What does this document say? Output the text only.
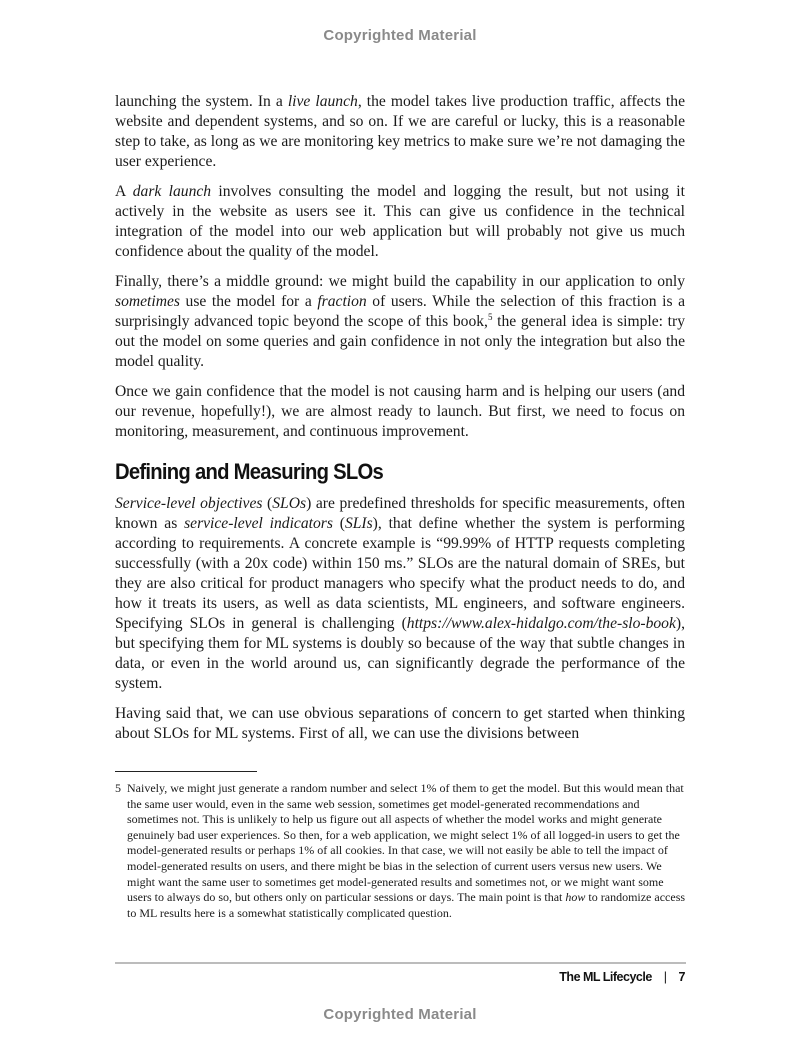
Copyrighted Material

launching the system. In a live launch, the model takes live production traffic, affects the website and dependent systems, and so on. If we are careful or lucky, this is a reasonable step to take, as long as we are monitoring key metrics to make sure we’re not damaging the user experience.

A dark launch involves consulting the model and logging the result, but not using it actively in the website as users see it. This can give us confidence in the technical integration of the model into our web application but will probably not give us much confidence about the quality of the model.

Finally, there’s a middle ground: we might build the capability in our application to only sometimes use the model for a fraction of users. While the selection of this fraction is a surprisingly advanced topic beyond the scope of this book,$^5$ the general idea is simple: try out the model on some queries and gain confidence in not only the integration but also the model quality.

Once we gain confidence that the model is not causing harm and is helping our users (and our revenue, hopefully!), we are almost ready to launch. But first, we need to focus on monitoring, measurement, and continuous improvement.

Defining and Measuring SLOs

Service-level objectives (SLOs) are predefined thresholds for specific measurements, often known as service-level indicators (SLIs), that define whether the system is performing according to requirements. A concrete example is “99.99% of HTTP requests completing successfully (with a 20x code) within 150 ms.” SLOs are the natural domain of SREs, but they are also critical for product managers who specify what the product needs to do, and how it treats its users, as well as data scientists, ML engineers, and software engineers. Specifying SLOs in general is challenging (https://www.alex-hidalgo.com/the-slo-book), but specifying them for ML systems is doubly so because of the way that subtle changes in data, or even in the world around us, can significantly degrade the performance of the system.

Having said that, we can use obvious separations of concern to get started when thinking about SLOs for ML systems. First of all, we can use the divisions between

5 Naively, we might just generate a random number and select 1% of them to get the model. But this would mean that the same user would, even in the same web session, sometimes get model-generated recommendations and sometimes not. This is unlikely to help us figure out all aspects of whether the model works and might generate genuinely bad user experiences. So then, for a web application, we might select 1% of all logged-in users to get the model-generated results or perhaps 1% of all cookies. In that case, we will not easily be able to tell the impact of model-generated results on users, and there might be bias in the selection of current users versus new users. We might want the same user to sometimes get model-generated results and sometimes not, or we might want some users to always do so, but others only on particular sessions or days. The main point is that how to randomize access to ML results here is a somewhat statistically complicated question.
The ML Lifecycle | 7
Copyrighted Material
